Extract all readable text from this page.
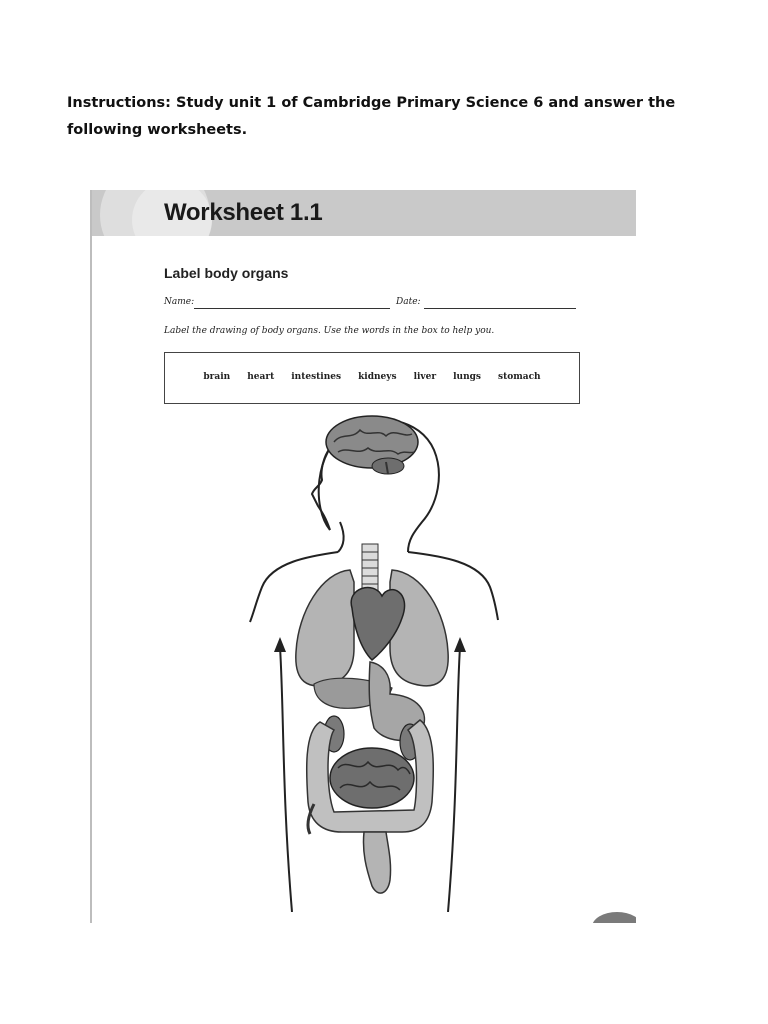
Instructions: Study unit 1 of Cambridge Primary Science 6 and answer the following worksheets.
Worksheet 1.1
Label body organs
Name:	Date:
Label the drawing of body organs. Use the words in the box to help you.
brain heart intestines kidneys liver lungs stomach
